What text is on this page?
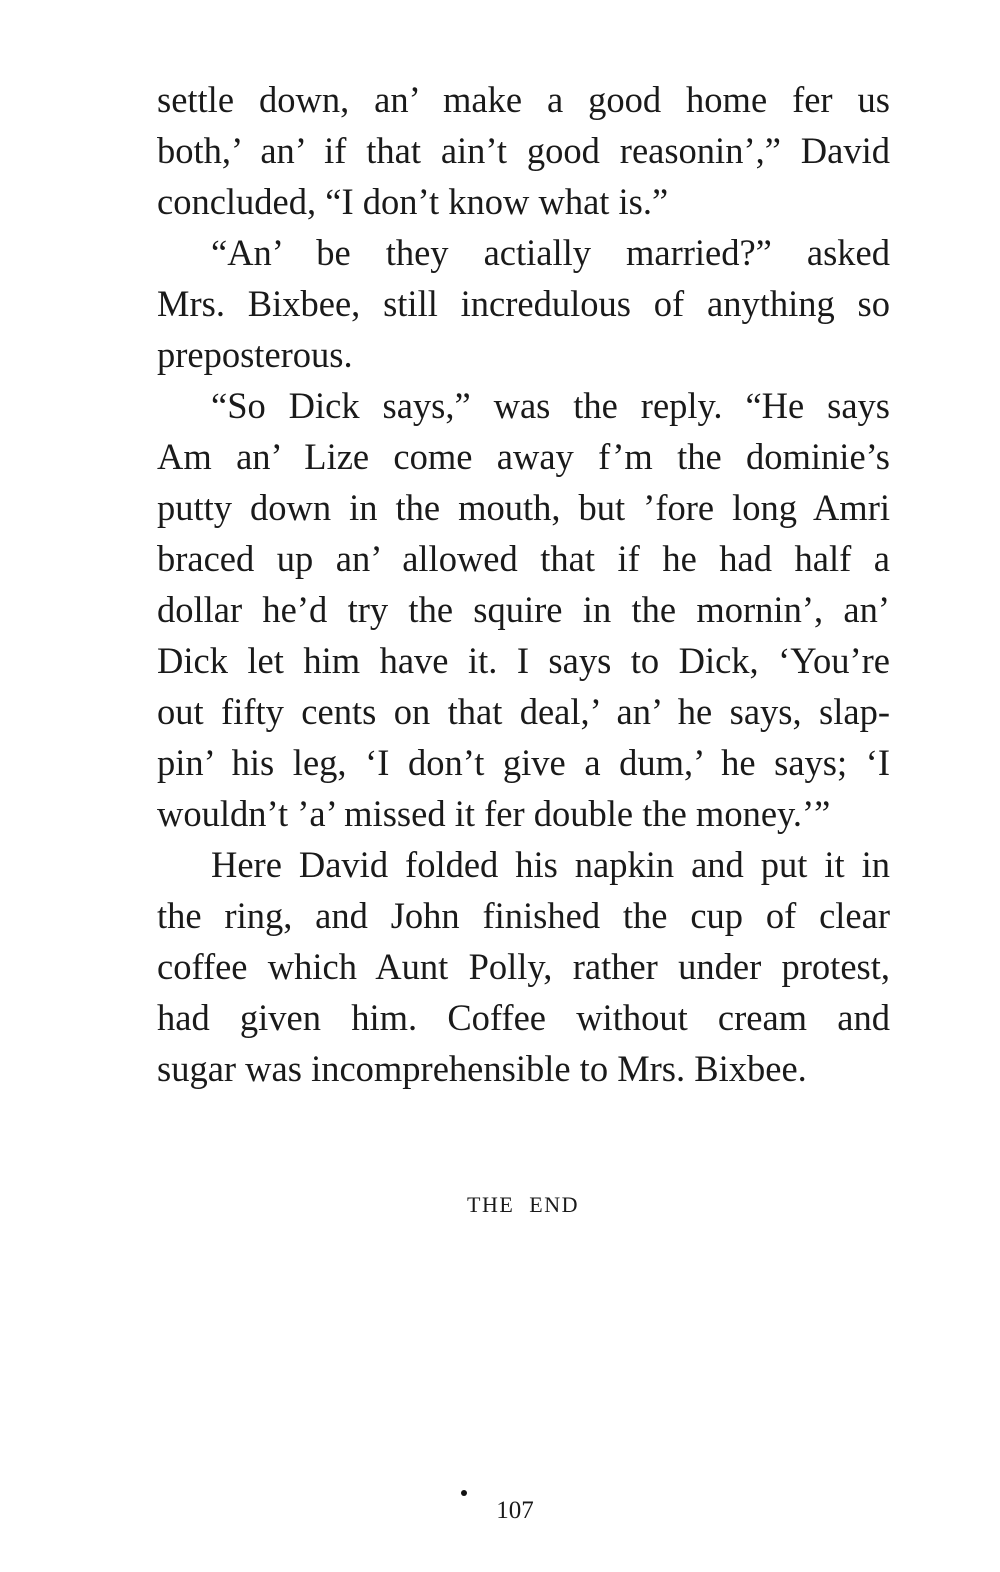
settle down, an’ make a good home fer us
both,’ an’ if that ain’t good reasonin’,” David
concluded, “I don’t know what is.”
“An’ be they actially married?” asked
Mrs. Bixbee, still incredulous of anything so
preposterous.
“So Dick says,” was the reply. “He says
Am an’ Lize come away f’m the dominie’s
putty down in the mouth, but ’fore long Amri
braced up an’ allowed that if he had half a
dollar he’d try the squire in the mornin’, an’
Dick let him have it. I says to Dick, ‘You’re
out fifty cents on that deal,’ an’ he says, slap-
pin’ his leg, ‘I don’t give a dum,’ he says; ‘I
wouldn’t ’a’ missed it fer double the money.’”
Here David folded his napkin and put it in
the ring, and John finished the cup of clear
coffee which Aunt Polly, rather under protest,
had given him. Coffee without cream and
sugar was incomprehensible to Mrs. Bixbee.
THE END
107
